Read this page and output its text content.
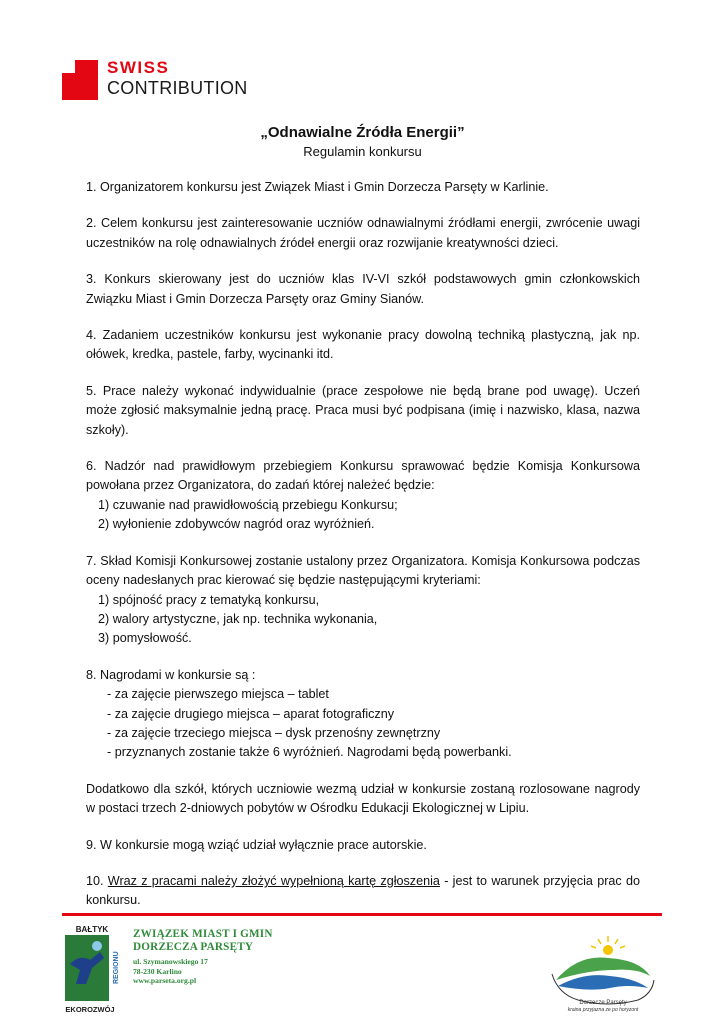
SWISS
CONTRIBUTION
„Odnawialne Źródła Energii”
Regulamin konkursu

1. Organizatorem konkursu jest Związek Miast i Gmin Dorzecza Parsęty w Karlinie.

2. Celem konkursu jest zainteresowanie uczniów odnawialnymi źródłami energii, zwrócenie uwagi uczestników na rolę odnawialnych źródeł energii oraz rozwijanie kreatywności dzieci.

3. Konkurs skierowany jest do uczniów klas IV-VI szkół podstawowych gmin członkowskich Związku Miast i Gmin Dorzecza Parsęty oraz Gminy Sianów.

4. Zadaniem uczestników konkursu jest wykonanie pracy dowolną techniką plastyczną, jak np. ołówek, kredka, pastele, farby, wycinanki itd.

5. Prace należy wykonać indywidualnie (prace zespołowe nie będą brane pod uwagę). Uczeń może zgłosić maksymalnie jedną pracę. Praca musi być podpisana (imię i nazwisko, klasa, nazwa szkoły).

6. Nadzór nad prawidłowym przebiegiem Konkursu sprawować będzie Komisja Konkursowa powołana przez Organizatora, do zadań której należeć będzie:
1) czuwanie nad prawidłowością przebiegu Konkursu;
2) wyłonienie zdobywców nagród oraz wyróżnień.

7. Skład Komisji Konkursowej zostanie ustalony przez Organizatora. Komisja Konkursowa podczas oceny nadesłanych prac kierować się będzie następującymi kryteriami:
1) spójność pracy z tematyką konkursu,
2) walory artystyczne, jak np. technika wykonania,
3) pomysłowość.

8. Nagrodami w konkursie są :
- za zajęcie pierwszego miejsca – tablet
- za zajęcie drugiego miejsca – aparat fotograficzny
- za zajęcie trzeciego miejsca – dysk przenośny zewnętrzny
- przyznanych zostanie także 6 wyróżnień. Nagrodami będą powerbanki.

Dodatkowo dla szkół, których uczniowie wezmą udział w konkursie zostaną rozlosowane nagrody w postaci trzech 2-dniowych pobytów w Ośrodku Edukacji Ekologicznej w Lipiu.

9. W konkursie mogą wziąć udział wyłącznie prace autorskie.

10. Wraz z pracami należy złożyć wypełnioną kartę zgłoszenia - jest to warunek przyjęcia prac do konkursu.

BAŁTYK
REGIONU
EKOROZWÓJ
ZWIĄZEK MIAST I GMIN
DORZECZA PARSĘTY
ul. Szymanowskiego 17
78-230 Karlino
www.parseta.org.pl
Dorzecze Parsęty
kraina przyjazna ze po horyzont
